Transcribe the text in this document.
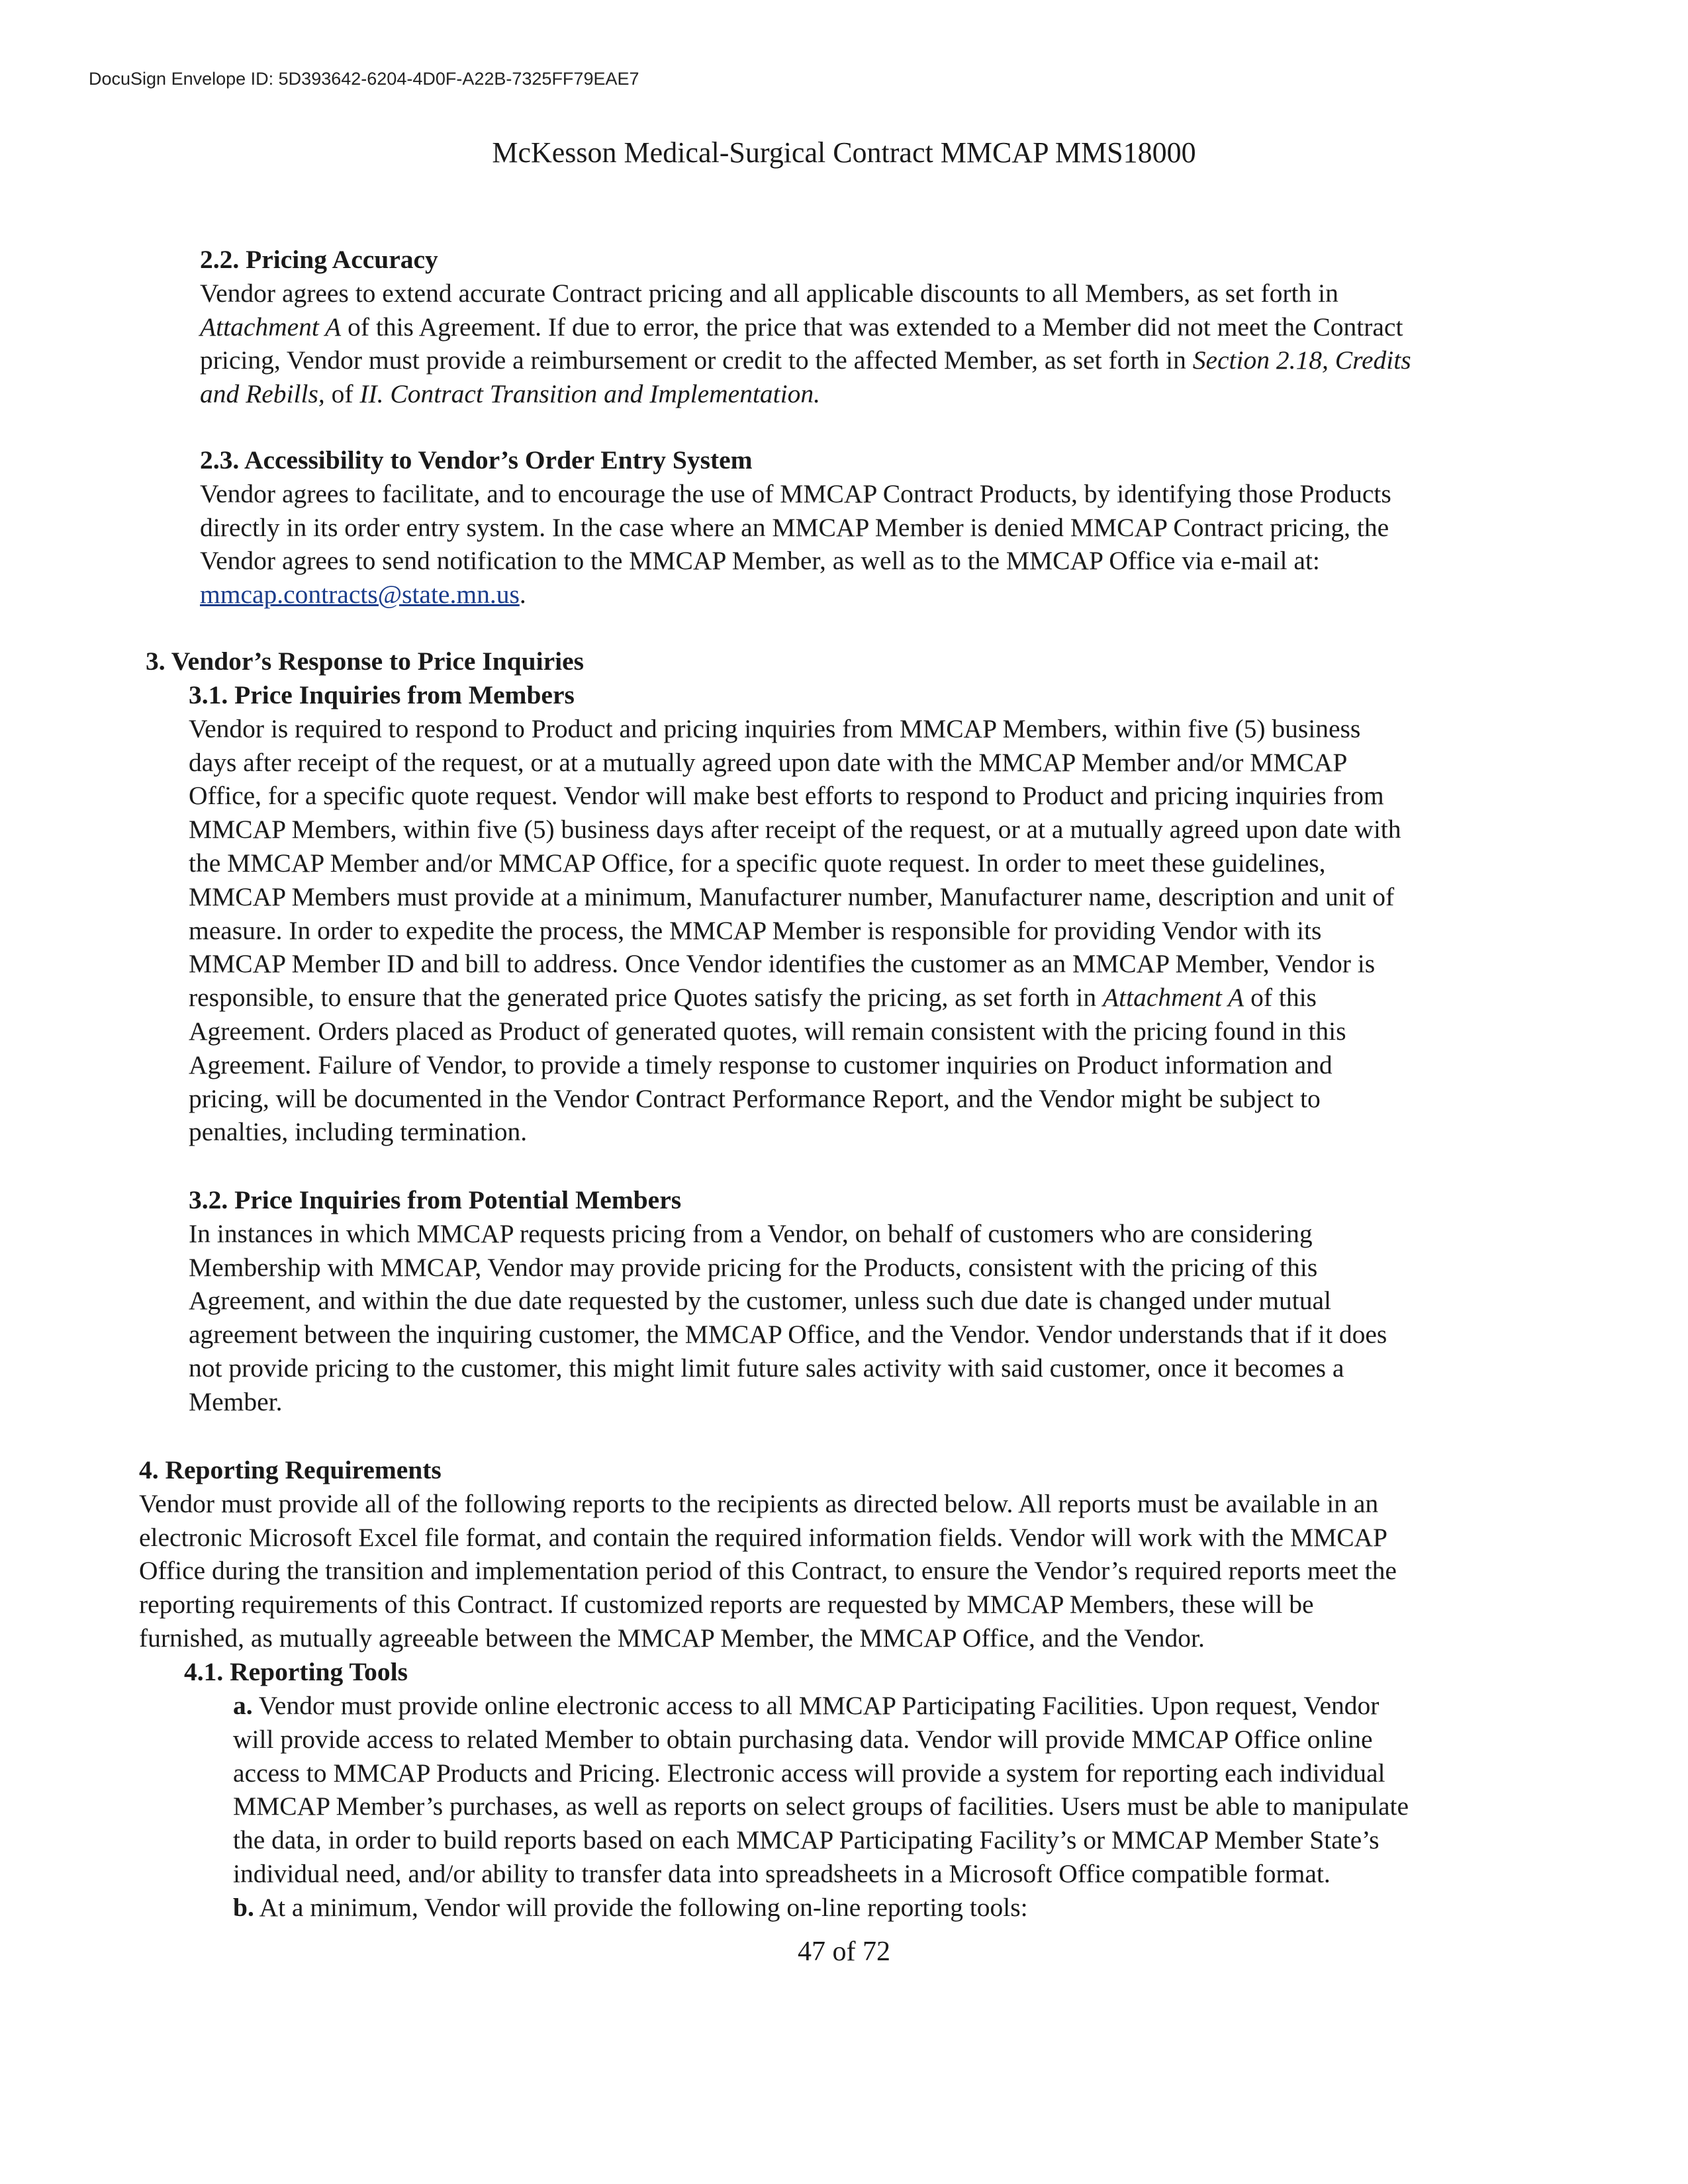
DocuSign Envelope ID: 5D393642-6204-4D0F-A22B-7325FF79EAE7
McKesson Medical-Surgical Contract MMCAP MMS18000
2.2. Pricing Accuracy
Vendor agrees to extend accurate Contract pricing and all applicable discounts to all Members, as set forth in
Attachment A of this Agreement. If due to error, the price that was extended to a Member did not meet the Contract
pricing, Vendor must provide a reimbursement or credit to the affected Member, as set forth in Section 2.18, Credits
and Rebills, of II. Contract Transition and Implementation.
2.3. Accessibility to Vendor’s Order Entry System
Vendor agrees to facilitate, and to encourage the use of MMCAP Contract Products, by identifying those Products
directly in its order entry system. In the case where an MMCAP Member is denied MMCAP Contract pricing, the
Vendor agrees to send notification to the MMCAP Member, as well as to the MMCAP Office via e-mail at:
mmcap.contracts@state.mn.us.
3. Vendor’s Response to Price Inquiries
3.1. Price Inquiries from Members
Vendor is required to respond to Product and pricing inquiries from MMCAP Members, within five (5) business
days after receipt of the request, or at a mutually agreed upon date with the MMCAP Member and/or MMCAP
Office, for a specific quote request. Vendor will make best efforts to respond to Product and pricing inquiries from
MMCAP Members, within five (5) business days after receipt of the request, or at a mutually agreed upon date with
the MMCAP Member and/or MMCAP Office, for a specific quote request. In order to meet these guidelines,
MMCAP Members must provide at a minimum, Manufacturer number, Manufacturer name, description and unit of
measure. In order to expedite the process, the MMCAP Member is responsible for providing Vendor with its
MMCAP Member ID and bill to address. Once Vendor identifies the customer as an MMCAP Member, Vendor is
responsible, to ensure that the generated price Quotes satisfy the pricing, as set forth in Attachment A of this
Agreement. Orders placed as Product of generated quotes, will remain consistent with the pricing found in this
Agreement. Failure of Vendor, to provide a timely response to customer inquiries on Product information and
pricing, will be documented in the Vendor Contract Performance Report, and the Vendor might be subject to
penalties, including termination.
3.2. Price Inquiries from Potential Members
In instances in which MMCAP requests pricing from a Vendor, on behalf of customers who are considering
Membership with MMCAP, Vendor may provide pricing for the Products, consistent with the pricing of this
Agreement, and within the due date requested by the customer, unless such due date is changed under mutual
agreement between the inquiring customer, the MMCAP Office, and the Vendor. Vendor understands that if it does
not provide pricing to the customer, this might limit future sales activity with said customer, once it becomes a
Member.
4. Reporting Requirements
Vendor must provide all of the following reports to the recipients as directed below. All reports must be available in an
electronic Microsoft Excel file format, and contain the required information fields. Vendor will work with the MMCAP
Office during the transition and implementation period of this Contract, to ensure the Vendor’s required reports meet the
reporting requirements of this Contract. If customized reports are requested by MMCAP Members, these will be
furnished, as mutually agreeable between the MMCAP Member, the MMCAP Office, and the Vendor.
4.1. Reporting Tools
a. Vendor must provide online electronic access to all MMCAP Participating Facilities. Upon request, Vendor
will provide access to related Member to obtain purchasing data. Vendor will provide MMCAP Office online
access to MMCAP Products and Pricing. Electronic access will provide a system for reporting each individual
MMCAP Member’s purchases, as well as reports on select groups of facilities. Users must be able to manipulate
the data, in order to build reports based on each MMCAP Participating Facility’s or MMCAP Member State’s
individual need, and/or ability to transfer data into spreadsheets in a Microsoft Office compatible format.
b. At a minimum, Vendor will provide the following on-line reporting tools:
47 of 72
